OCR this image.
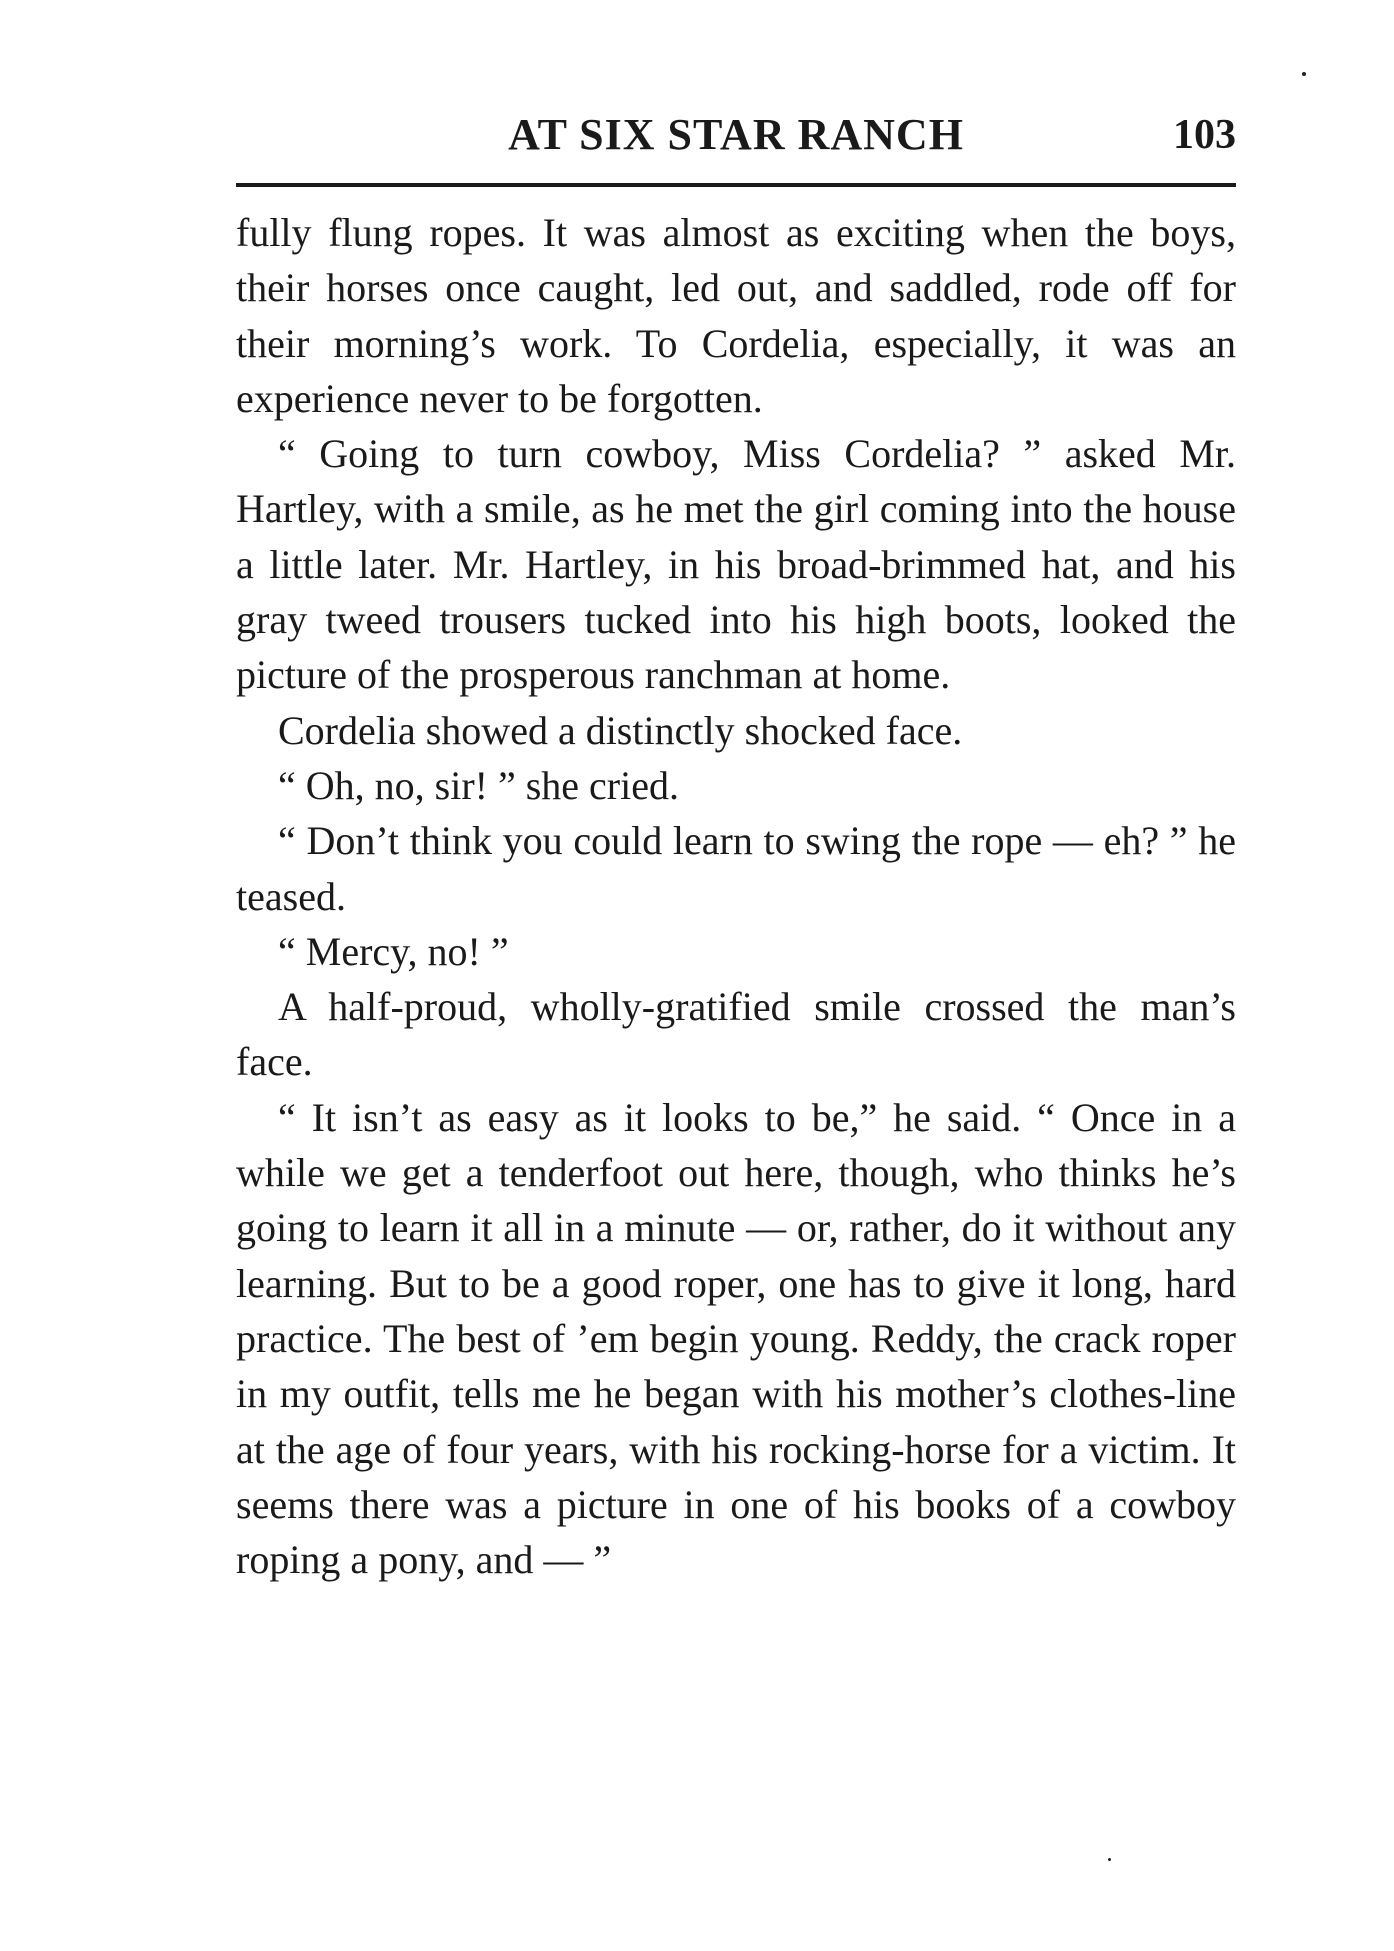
AT SIX STAR RANCH	103

fully flung ropes. It was almost as exciting when the boys, their horses once caught, led out, and saddled, rode off for their morning’s work. To Cordelia, especially, it was an experience never to be forgotten.

“ Going to turn cowboy, Miss Cordelia? ” asked Mr. Hartley, with a smile, as he met the girl coming into the house a little later. Mr. Hartley, in his broad-brimmed hat, and his gray tweed trousers tucked into his high boots, looked the picture of the prosperous ranchman at home.

Cordelia showed a distinctly shocked face.

“ Oh, no, sir! ” she cried.

“ Don’t think you could learn to swing the rope — eh? ” he teased.

“ Mercy, no! ”

A half-proud, wholly-gratified smile crossed the man’s face.

“ It isn’t as easy as it looks to be,” he said. “ Once in a while we get a tenderfoot out here, though, who thinks he’s going to learn it all in a minute — or, rather, do it without any learning. But to be a good roper, one has to give it long, hard practice. The best of ’em begin young. Reddy, the crack roper in my outfit, tells me he began with his mother’s clothes-line at the age of four years, with his rocking-horse for a victim. It seems there was a picture in one of his books of a cowboy roping a pony, and — ”
